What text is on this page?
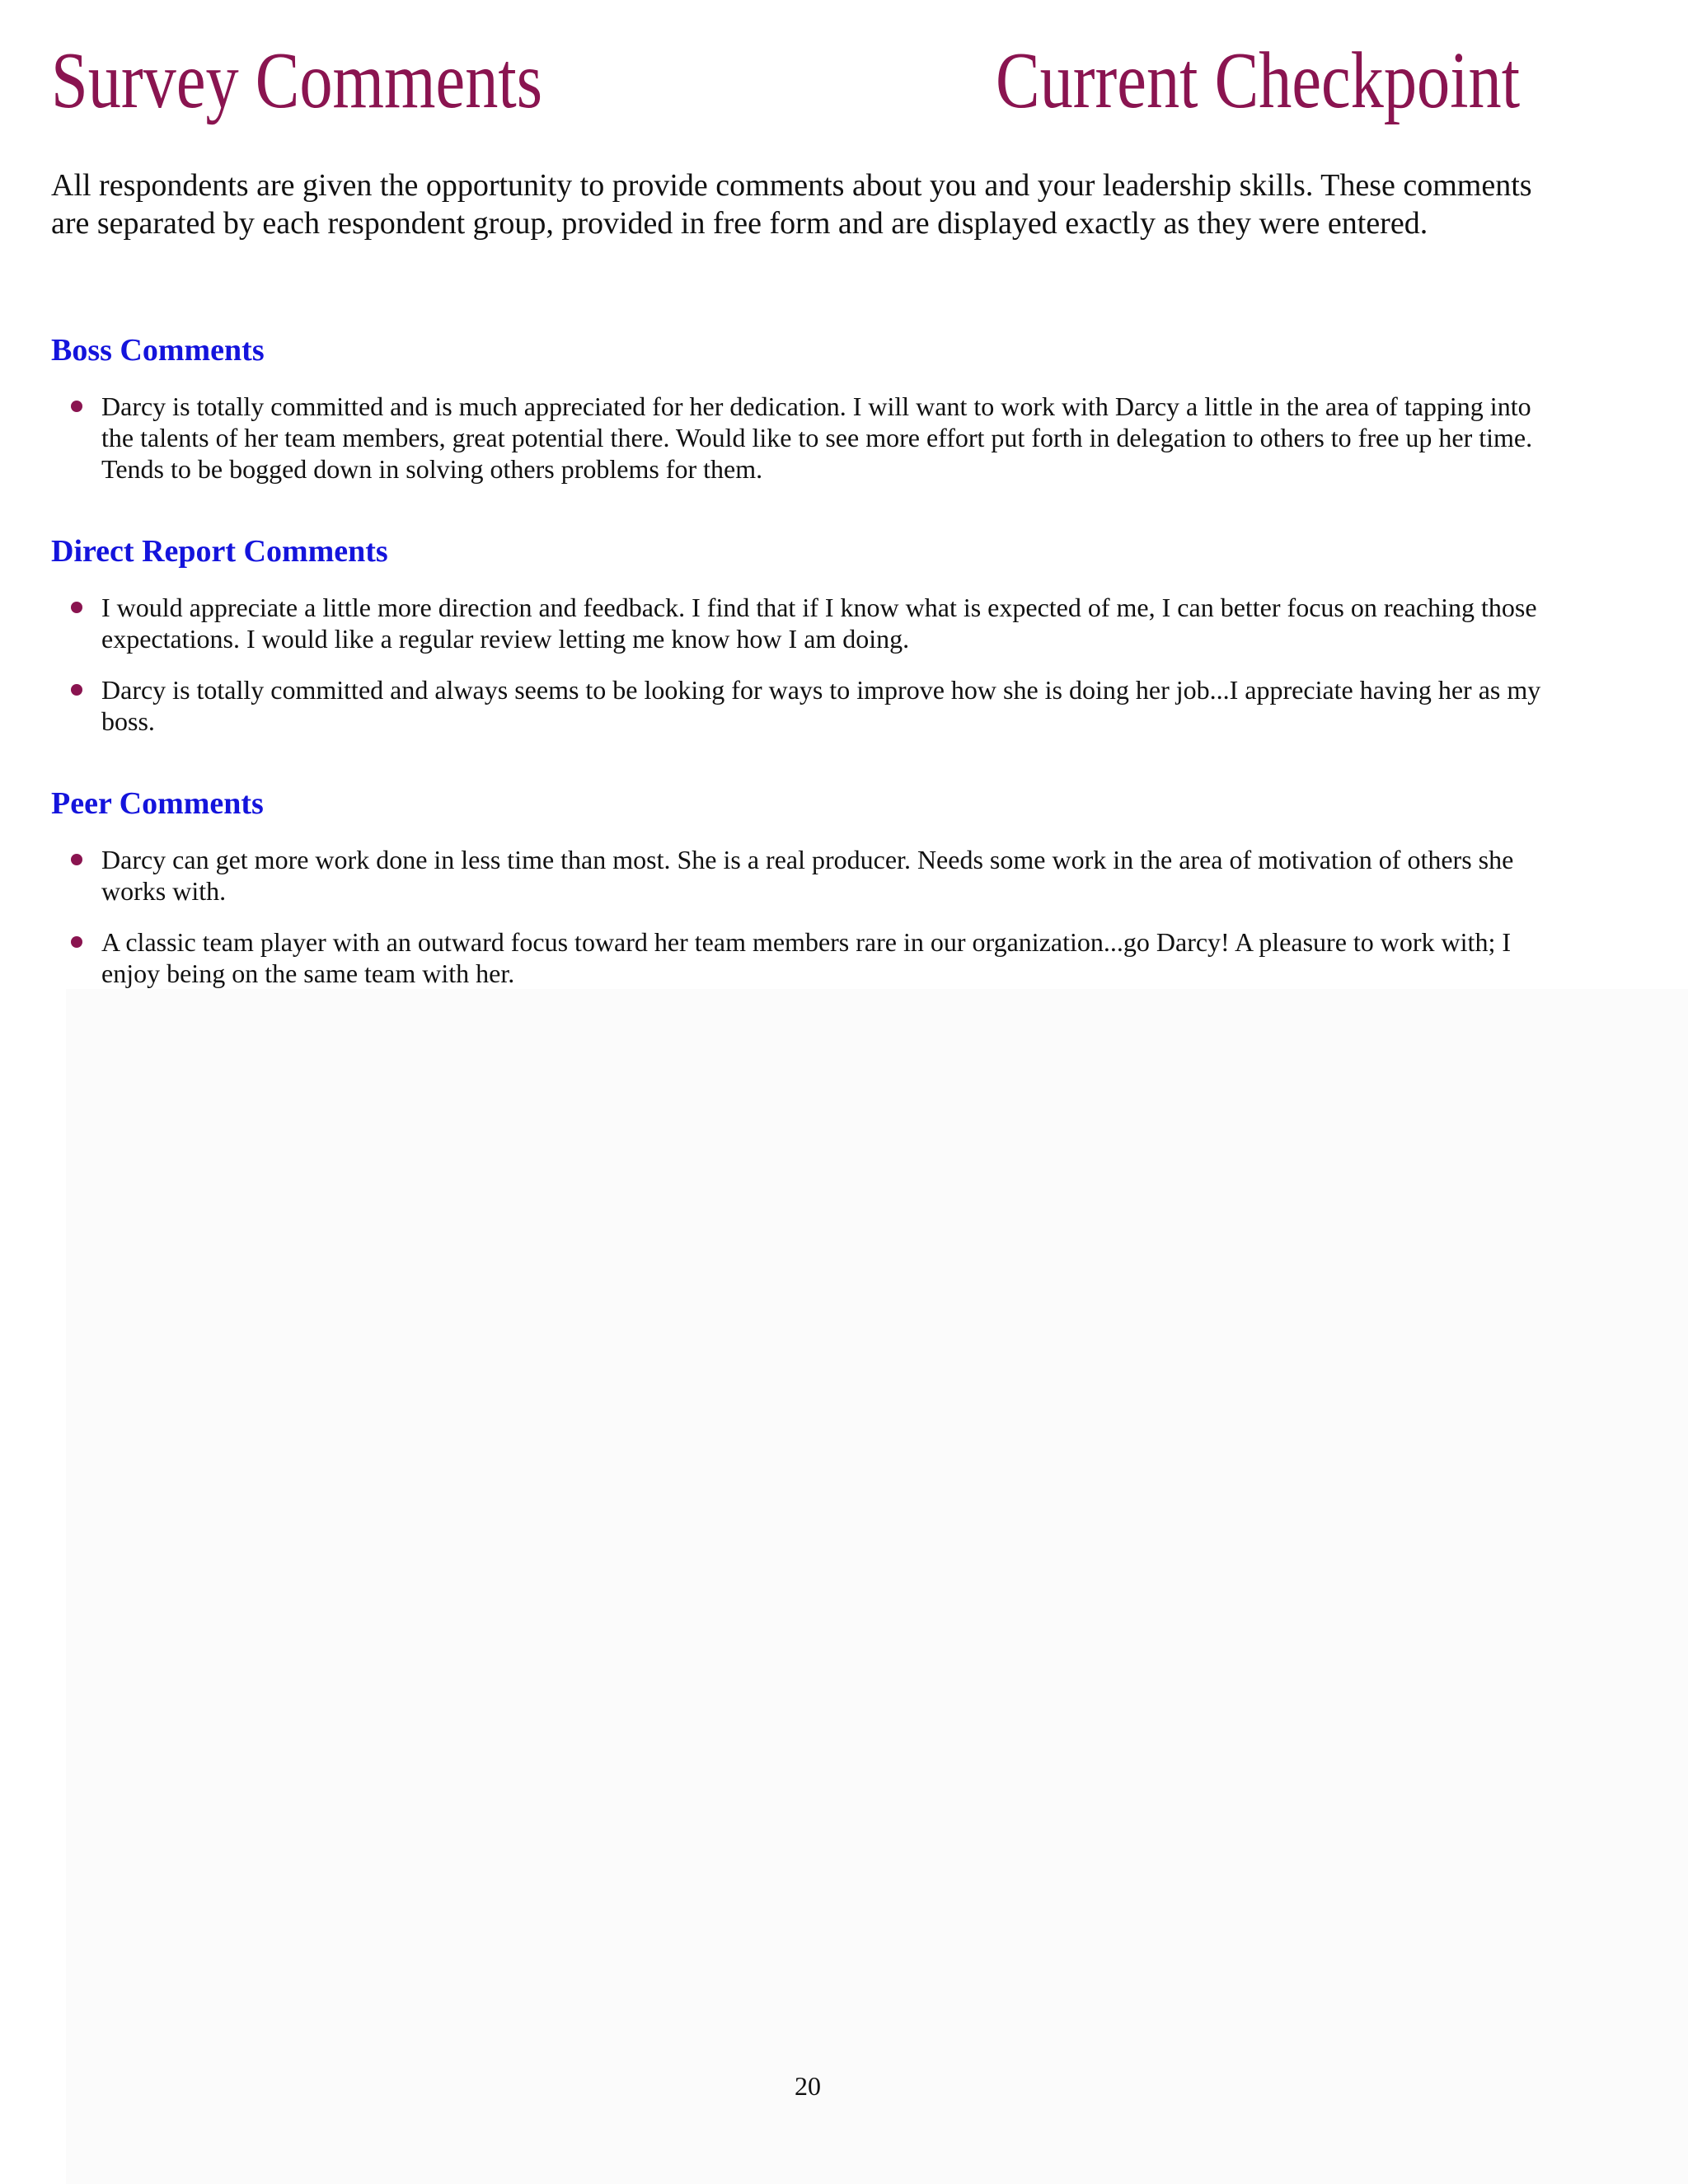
Survey Comments	Current Checkpoint

All respondents are given the opportunity to provide comments about you and your leadership skills. These comments are separated by each respondent group, provided in free form and are displayed exactly as they were entered.

Boss Comments
Darcy is totally committed and is much appreciated for her dedication. I will want to work with Darcy a little in the area of tapping into the talents of her team members, great potential there. Would like to see more effort put forth in delegation to others to free up her time. Tends to be bogged down in solving others problems for them.
Direct Report Comments
I would appreciate a little more direction and feedback. I find that if I know what is expected of me, I can better focus on reaching those expectations. I would like a regular review letting me know how I am doing.
Darcy is totally committed and always seems to be looking for ways to improve how she is doing her job...I appreciate having her as my boss.
Peer Comments
Darcy can get more work done in less time than most. She is a real producer. Needs some work in the area of motivation of others she works with.
A classic team player with an outward focus toward her team members rare in our organization...go Darcy! A pleasure to work with; I enjoy being on the same team with her.
20
